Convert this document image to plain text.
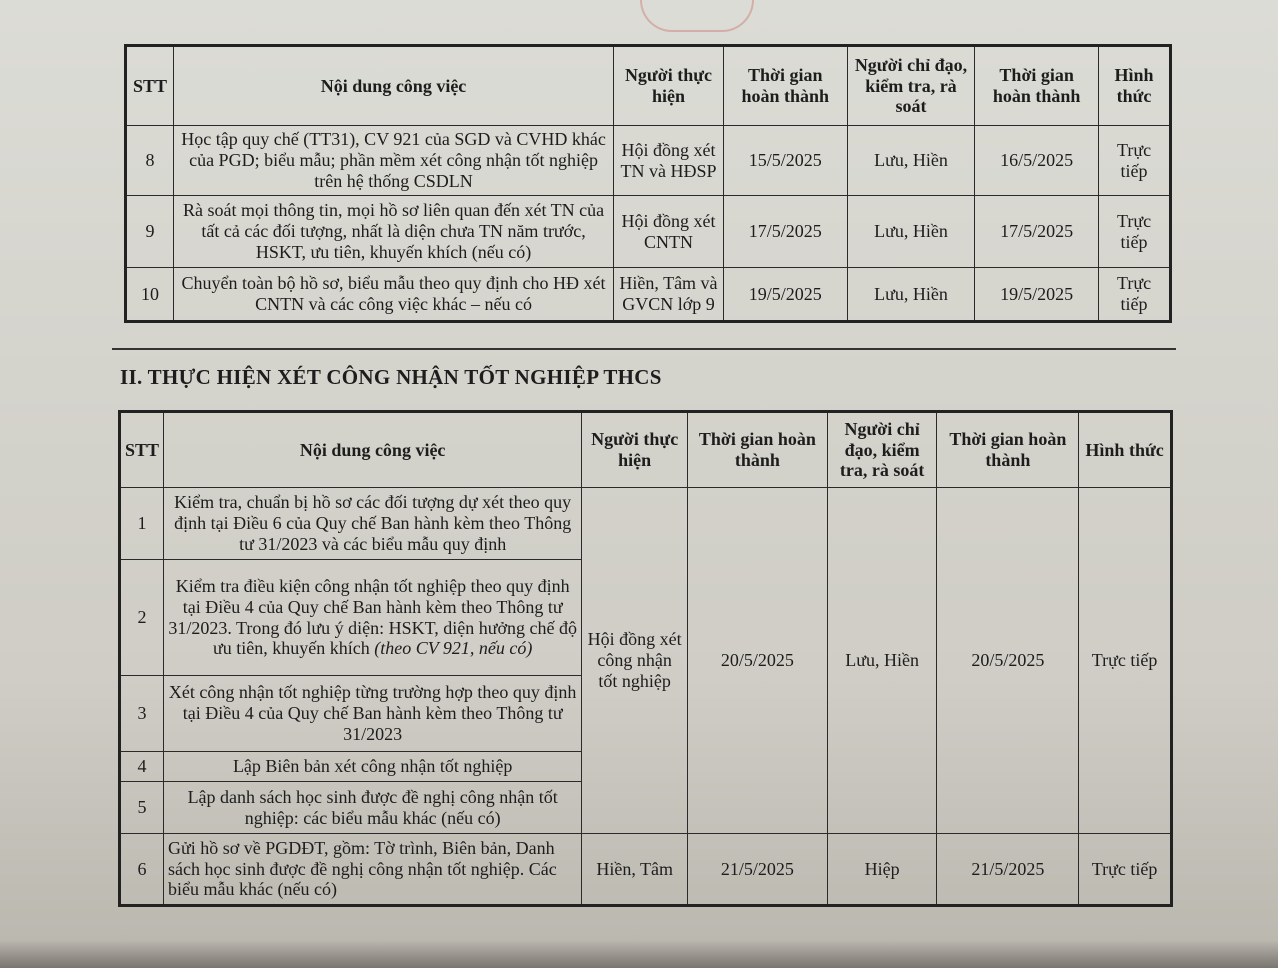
STT	Nội dung công việc	Người thực hiện	Thời gian hoàn thành	Người chỉ đạo, kiểm tra, rà soát	Thời gian hoàn thành	Hình thức
8	Học tập quy chế (TT31), CV 921 của SGD và CVHD khác của PGD; biểu mẫu; phần mềm xét công nhận tốt nghiệp trên hệ thống CSDLN	Hội đồng xét TN và HĐSP	15/5/2025	Lưu, Hiền	16/5/2025	Trực tiếp
9	Rà soát mọi thông tin, mọi hồ sơ liên quan đến xét TN của tất cả các đối tượng, nhất là diện chưa TN năm trước, HSKT, ưu tiên, khuyến khích (nếu có)	Hội đồng xét CNTN	17/5/2025	Lưu, Hiền	17/5/2025	Trực tiếp
10	Chuyển toàn bộ hồ sơ, biểu mẫu theo quy định cho HĐ xét CNTN và các công việc khác – nếu có	Hiền, Tâm và GVCN lớp 9	19/5/2025	Lưu, Hiền	19/5/2025	Trực tiếp
II. THỰC HIỆN XÉT CÔNG NHẬN TỐT NGHIỆP THCS
STT	Nội dung công việc	Người thực hiện	Thời gian hoàn thành	Người chỉ đạo, kiểm tra, rà soát	Thời gian hoàn thành	Hình thức
1	Kiểm tra, chuẩn bị hồ sơ các đối tượng dự xét theo quy định tại Điều 6 của Quy chế Ban hành kèm theo Thông tư 31/2023 và các biểu mẫu quy định	Hội đồng xét công nhận tốt nghiệp	20/5/2025	Lưu, Hiền	20/5/2025	Trực tiếp
2	Kiểm tra điều kiện công nhận tốt nghiệp theo quy định tại Điều 4 của Quy chế Ban hành kèm theo Thông tư 31/2023. Trong đó lưu ý diện: HSKT, diện hưởng chế độ ưu tiên, khuyến khích (theo CV 921, nếu có)					
3	Xét công nhận tốt nghiệp từng trường hợp theo quy định tại Điều 4 của Quy chế Ban hành kèm theo Thông tư 31/2023					
4	Lập Biên bản xét công nhận tốt nghiệp					
5	Lập danh sách học sinh được đề nghị công nhận tốt nghiệp: các biểu mẫu khác (nếu có)					
6	Gửi hồ sơ về PGDĐT, gồm: Tờ trình, Biên bản, Danh sách học sinh được đề nghị công nhận tốt nghiệp. Các biểu mẫu khác (nếu có)	Hiền, Tâm	21/5/2025	Hiệp	21/5/2025	Trực tiếp
